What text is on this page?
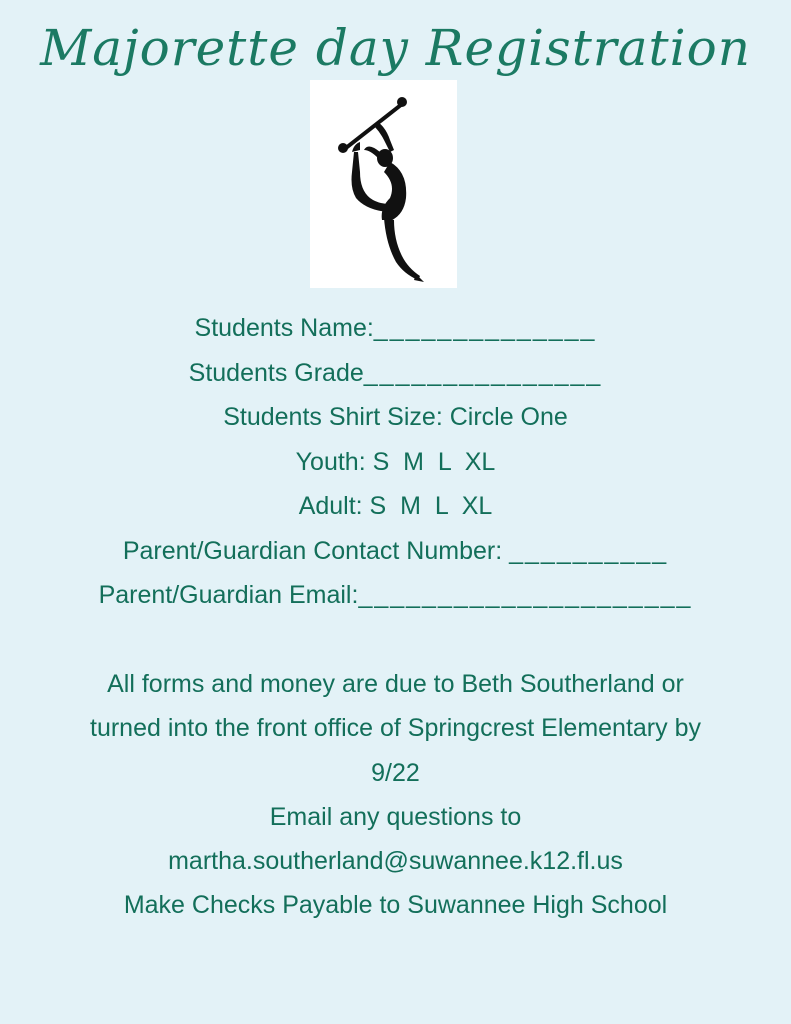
Majorette day Registration
Students Name:______________
Students Grade_______________
Students Shirt Size: Circle One
Youth: S  M  L  XL
Adult: S  M  L  XL
Parent/Guardian Contact Number: __________
Parent/Guardian Email:_____________________
All forms and money are due to Beth Southerland or
turned into the front office of Springcrest Elementary by
9/22
Email any questions to
martha.southerland@suwannee.k12.fl.us
Make Checks Payable to Suwannee High School
